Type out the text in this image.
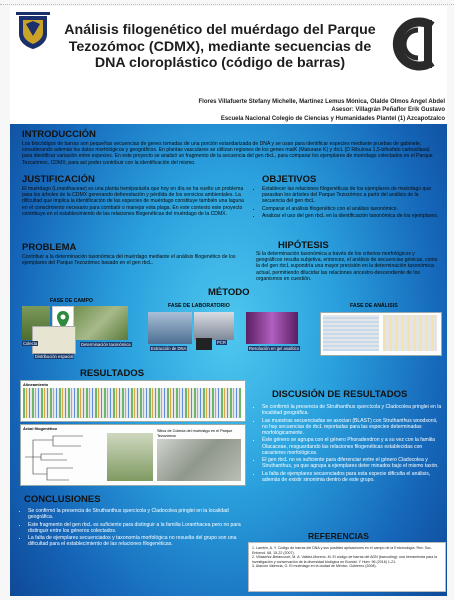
Análisis filogenético del muérdago del Parque Tezozómoc (CDMX), mediante secuencias de DNA cloroplástico (código de barras)
Flores Villafuerte Stefany Michelle, Martínez Lemus Mónica, Olalde Olmos Angel Abdel
Asesor: Villagrán Peñaflor Erik Gustavo
Escuela Nacional Colegio de Ciencias y Humanidades Plantel (1) Azcapotzalco
INTRODUCCIÓN
Los biocódigos de barras son pequeñas secuencias de genes tomadas de una porción estandarizada de DNA y se usan para identificar especies mediante pruebas de gabinete, considerando además los datos morfológicos y geográficos. En plantas vasculares se utilizan regiones de los genes matK (Maturase K) y rbcL (D Ribulosa 1,5-bifosfato carboxilasa) para identificar variación entre especies. En este proyecto se analizó un fragmento de la secuencia del gen rbcL, para comparar los ejemplares de muérdago colectados en el Parque Tezozómoc, CDMX, para así poder contribuir con la identificación del mismo.
JUSTIFICACIÓN
El muérdago (Loranthaceae) es una planta hemiparásita que hoy en día se ha vuelto un problema para los árboles de la CDMX generando deforestación y pérdida de los servicios ambientales. La dificultad que implica la identificación de las especies de muérdago constituye también una laguna en el conocimiento necesario para combatir o manejar esta plaga. En este contexto este proyecto contribuye en el establecimiento de las relaciones filogenéticas del muérdago de la CDMX.
OBJETIVOS
• Establecer las relaciones filogenéticas de los ejemplares de muérdago que parasitan los árboles del Parque Tezozómoc a partir del análisis de la secuencia del gen rbcL.
• Comparar el análisis filogenético con el análisis taxonómico.
• Analizar el uso del gen rbcL en la identificación taxonómica de los ejemplares.
PROBLEMA
Contribuir a la determinación taxonómica del muérdago mediante el análisis filogenético de los ejemplares del Parque Tezozómoc basado en el gen rbcL.
HIPÓTESIS
Si la determinación taxonómica a través de los criterios morfológicos y geográficos resulta subjetiva, entonces, el análisis de secuencias génicas, como la del gen rbcL supondría una mayor precisión en la determinación taxonómica actual, permitiendo dilucidar las relaciones ancestro-descendiente de los organismos en cuestión.
MÉTODO
FASE DE CAMPO
FASE DE LABORATORIO	FASE DE ANÁLISIS
Colecta	Determinación taxonómica
Distribución espacial
Extracción de DNA
PCR
Resolución en gel analítico
RESULTADOS
Alineamiento
Árbol filogenético	Sitios de Colecta del muérdago en el Parque Tezozómoc
DISCUSIÓN DE RESULTADOS
• Se confirmó la presencia de Struthanthus quercicola y Cladocolea pringlei en la localidad geográfica.
• Las muestras secuenciadas se asocian (BLAST) con Struthanthus woodsonii, no hay secuencias de rbcL reportadas para las especies determinadas morfológicamente.
• Éste género se agrupa con el género Phoradendron y a su vez con la familia Olacaceae, resguardando las relaciones filogenéticas establecidas con caracteres morfológicos.
• El gen rbcL no es suficiente para diferenciar entre el género Cladocolea y Struthanthus, ya que agrupa a ejemplares deter minados bajo el mismo taxón.
• La falta de ejemplares secuenciados para esta especie dificulta el análisis, además de existir sinonimia dentro de este grupo.
CONCLUSIONES
• Se confirmó la presencia de Struthanthus quercicola y Cladocolea pringlei en la localidad geográfica.
• Este fragmento del gen rbcL es suficiente para distinguir a la familia Loranthacea pero no para distinguir entre los géneros colectados.
• La falta de ejemplares secuenciados y taxonomía morfológica no resuelta del grupo son una dificultad para el establecimiento de las relaciones filogenéticas.
REFERENCIAS
1. Lambin, A. Y. Código de barras del DNA y sus posibles aplicaciones en el campo de la Entomología. Rev. Soc. Entomol. 68, 15-22 (2007).
2. Villaseñor-Betancourt, M. A. Valdez-Moreno. M. El código de barras del ADN (barcoding): una herramienta para la investigación y conservación de la diversidad biológica en Ecosist. Y Hum. 96 (2016) 1-21.
3. Alarcón Valencia, O. El muérdago en la ciudad de México. Gobierno (2008).
